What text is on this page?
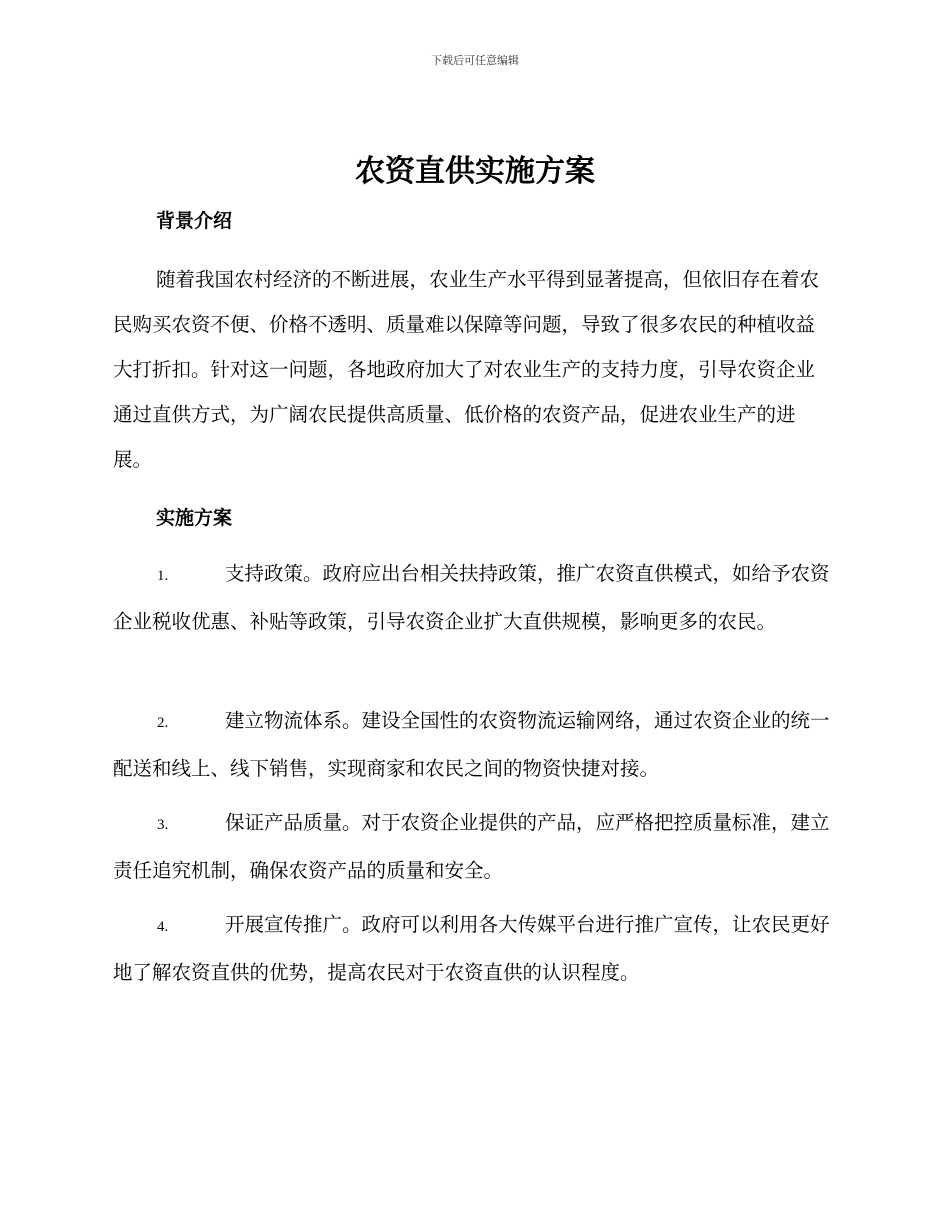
下载后可任意编辑
农资直供实施方案
背景介绍

随着我国农村经济的不断进展，农业生产水平得到显著提高，但依旧存在着农民购买农资不便、价格不透明、质量难以保障等问题，导致了很多农民的种植收益大打折扣。针对这一问题，各地政府加大了对农业生产的支持力度，引导农资企业通过直供方式，为广阔农民提供高质量、低价格的农资产品，促进农业生产的进展。

实施方案

1.	支持政策。政府应出台相关扶持政策，推广农资直供模式，如给予农资企业税收优惠、补贴等政策，引导农资企业扩大直供规模，影响更多的农民。

2.	建立物流体系。建设全国性的农资物流运输网络，通过农资企业的统一配送和线上、线下销售，实现商家和农民之间的物资快捷对接。

3.	保证产品质量。对于农资企业提供的产品，应严格把控质量标准，建立责任追究机制，确保农资产品的质量和安全。

4.	开展宣传推广。政府可以利用各大传媒平台进行推广宣传，让农民更好地了解农资直供的优势，提高农民对于农资直供的认识程度。
